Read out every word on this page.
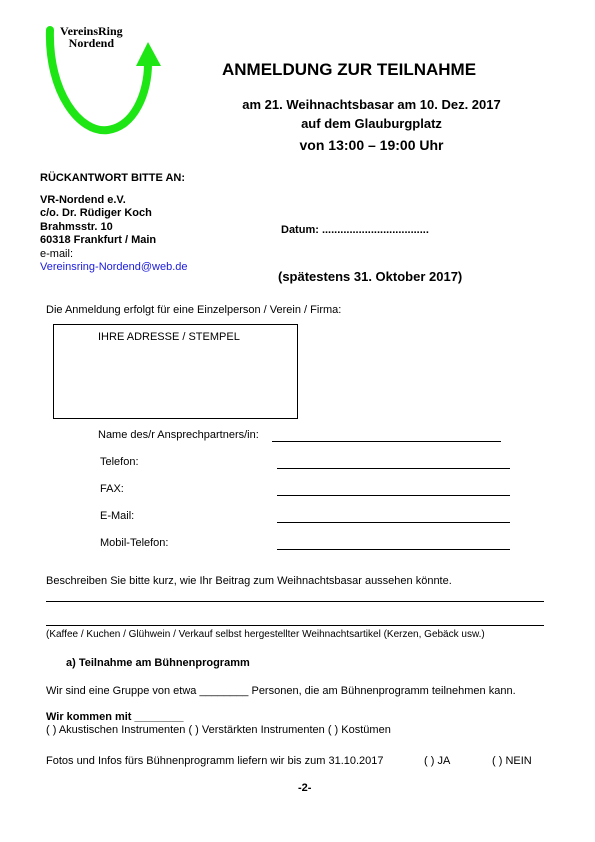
VereinsRing
Nordend
ANMELDUNG ZUR TEILNAHME
am 21. Weihnachtsbasar am 10. Dez. 2017
auf dem Glauburgplatz
von 13:00 – 19:00 Uhr
RÜCKANTWORT BITTE AN:
VR-Nordend e.V.
c/o. Dr. Rüdiger Koch
Brahmsstr. 10
60318 Frankfurt / Main
e-mail:
Vereinsring-Nordend@web.de
Datum: ...................................
(spätestens 31. Oktober 2017)
Die Anmeldung erfolgt für eine Einzelperson / Verein / Firma:
IHRE ADRESSE / STEMPEL
Name des/r Ansprechpartners/in:
Telefon:
FAX:
E-Mail:
Mobil-Telefon:
Beschreiben Sie bitte kurz, wie Ihr Beitrag zum Weihnachtsbasar aussehen könnte.
(Kaffee / Kuchen / Glühwein / Verkauf selbst hergestellter Weihnachtsartikel (Kerzen, Gebäck usw.)
a) Teilnahme am Bühnenprogramm
Wir sind eine Gruppe von etwa ________ Personen, die am Bühnenprogramm teilnehmen kann.
Wir kommen mit ________
( ) Akustischen Instrumenten ( ) Verstärkten Instrumenten ( ) Kostümen
Fotos und Infos fürs Bühnenprogramm liefern wir bis zum 31.10.2017	( ) JA	( ) NEIN
-2-
